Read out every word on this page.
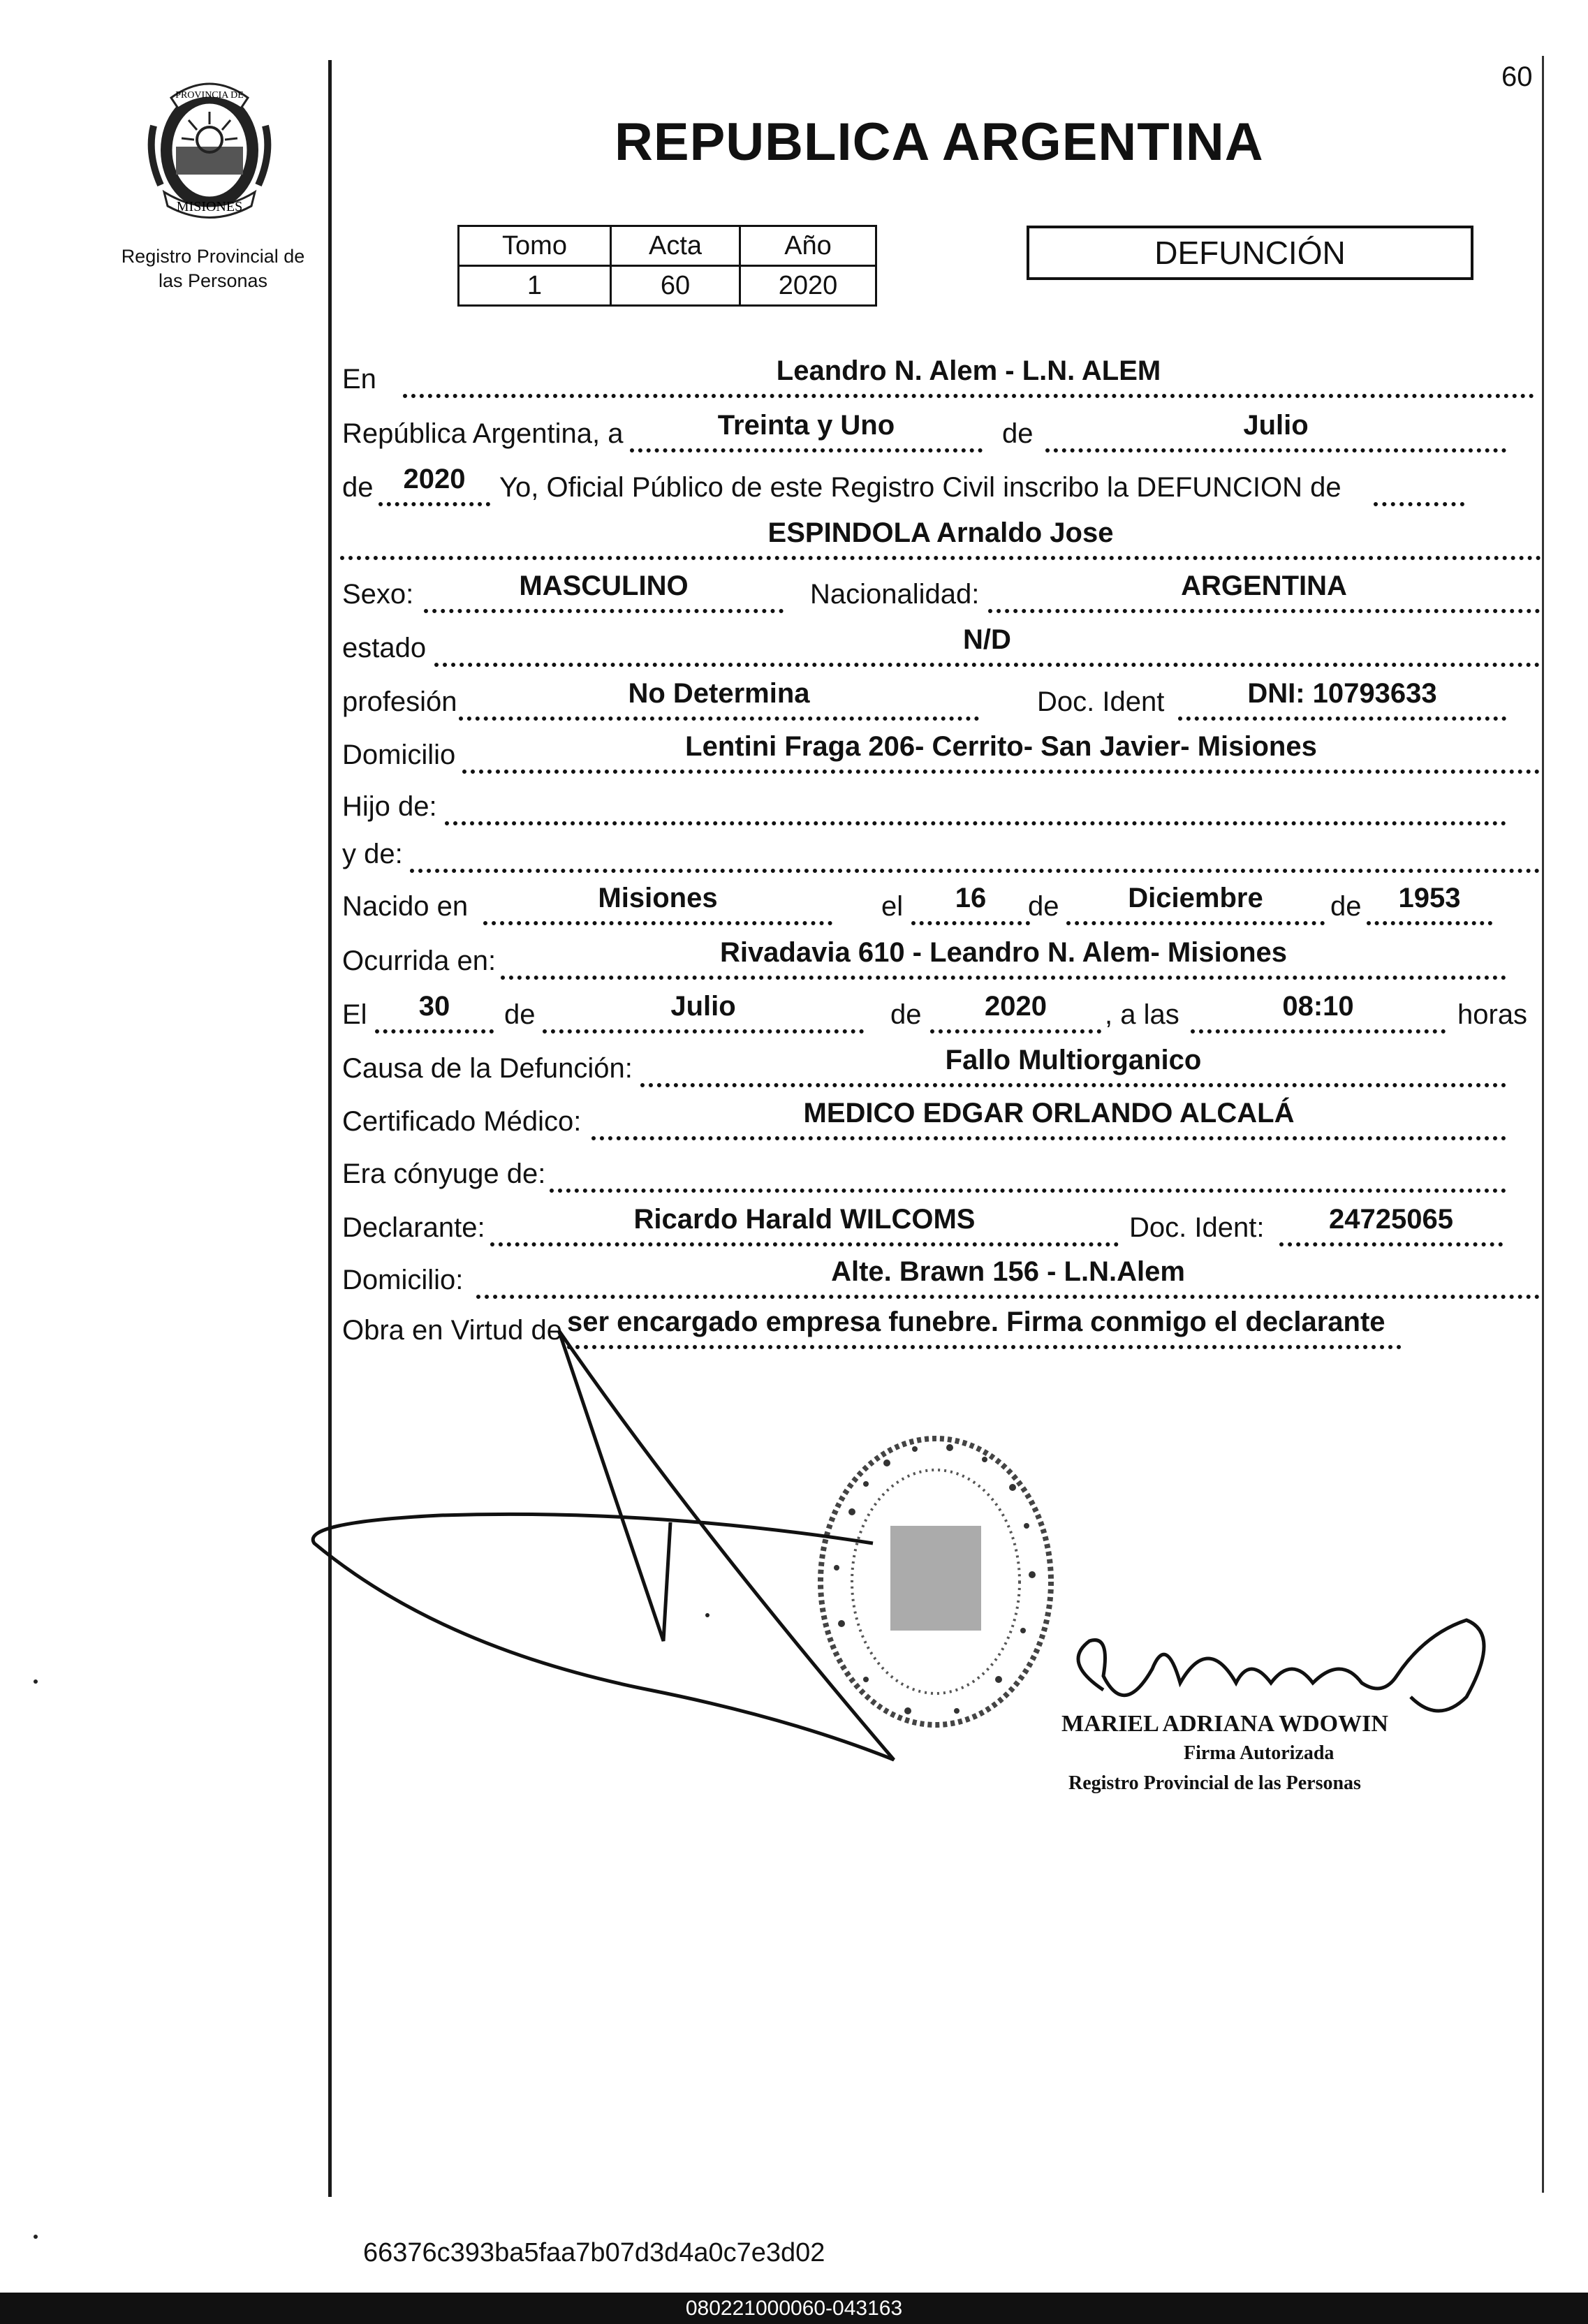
60
PROVINCIA DE
MISIONES
Registro Provincial de
las Personas
REPUBLICA ARGENTINA
Tomo	Acta	Año
1	60	2020
DEFUNCIÓN
En	Leandro N. Alem - L.N. ALEM
República Argentina, a	Treinta y Uno	de	Julio
de	2020	Yo, Oficial Público de este Registro Civil inscribo la DEFUNCION de
ESPINDOLA Arnaldo Jose
Sexo:	MASCULINO	Nacionalidad:	ARGENTINA
estado	N/D
profesión	No Determina	Doc. Ident	DNI: 10793633
Domicilio	Lentini Fraga 206- Cerrito- San Javier- Misiones
Hijo de:
y de:
Nacido en	Misiones	el	16	de	Diciembre	de	1953
Ocurrida en:	Rivadavia 610 - Leandro N. Alem- Misiones
El	30	de	Julio	de	2020	, a las	08:10	horas
Causa de la Defunción:	Fallo Multiorganico
Certificado Médico:	MEDICO EDGAR ORLANDO ALCALÁ
Era cónyuge de:
Declarante:	Ricardo Harald WILCOMS	Doc. Ident:	24725065
Domicilio:	Alte. Brawn 156 - L.N.Alem
Obra en Virtud de ser encargado empresa funebre. Firma conmigo el declarante
MARIEL ADRIANA WDOWIN
Firma Autorizada
Registro Provincial de las Personas
66376c393ba5faa7b07d3d4a0c7e3d02
080221000060-043163
